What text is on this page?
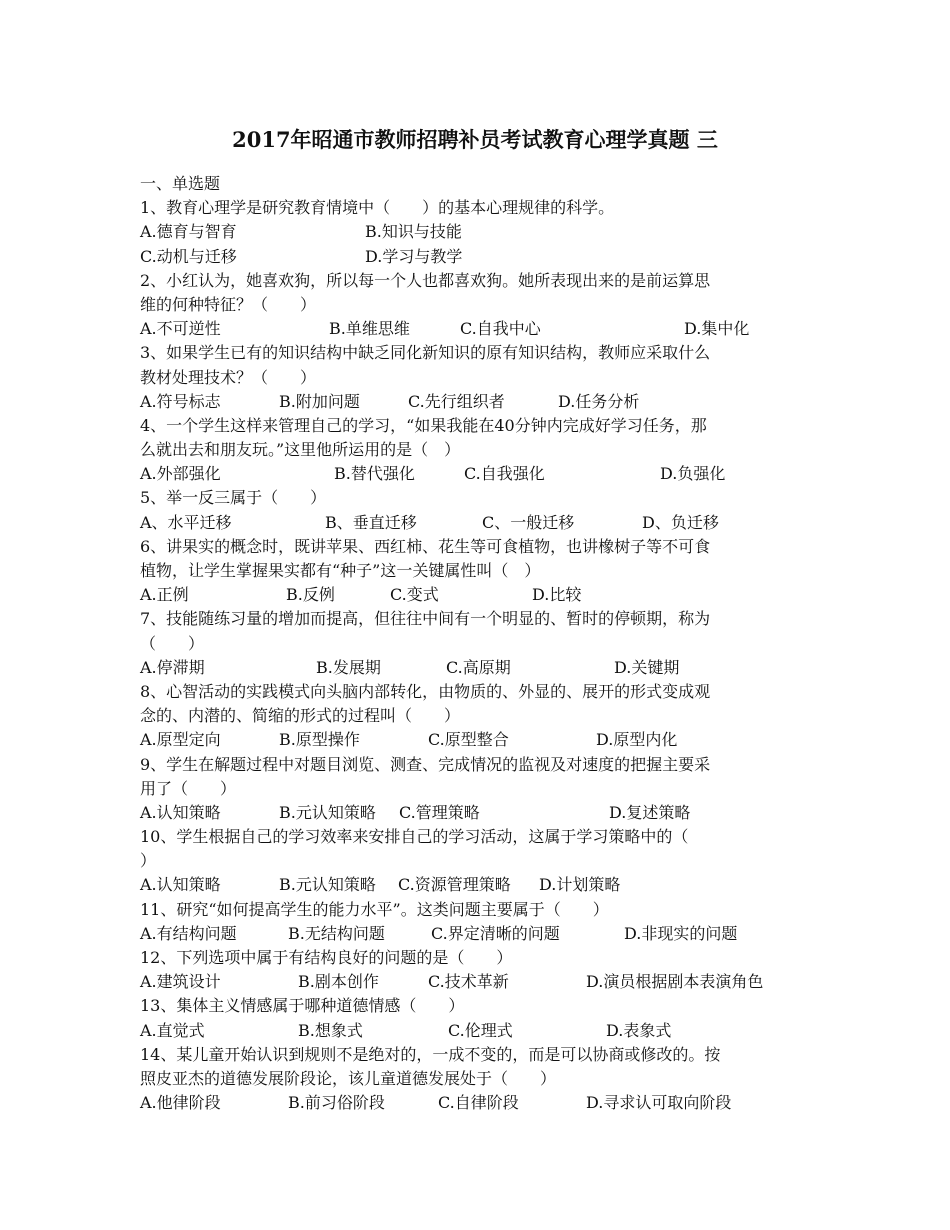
2017年昭通市教师招聘补员考试教育心理学真题 三
一、单选题
1、教育心理学是研究教育情境中（　　）的基本心理规律的科学。
A.德育与智育	B.知识与技能
C.动机与迁移	D.学习与教学
2、小红认为，她喜欢狗，所以每一个人也都喜欢狗。她所表现出来的是前运算思
维的何种特征？（　　）
A.不可逆性	B.单维思维	C.自我中心	D.集中化
3、如果学生已有的知识结构中缺乏同化新知识的原有知识结构，教师应采取什么
教材处理技术？（　　）
A.符号标志	B.附加问题	C.先行组织者	D.任务分析
4、一个学生这样来管理自己的学习，“如果我能在40分钟内完成好学习任务，那
么就出去和朋友玩。”这里他所运用的是（　）
A.外部强化	B.替代强化	C.自我强化	D.负强化
5、举一反三属于（　　）
A、水平迁移	B、垂直迁移	C、一般迁移	D、负迁移
6、讲果实的概念时，既讲苹果、西红柿、花生等可食植物，也讲橡树子等不可食
植物，让学生掌握果实都有“种子”这一关键属性叫（　）
A.正例	B.反例	C.变式	D.比较
7、技能随练习量的增加而提高，但往往中间有一个明显的、暂时的停顿期，称为
（　　）
A.停滞期	B.发展期	C.高原期	D.关键期
8、心智活动的实践模式向头脑内部转化，由物质的、外显的、展开的形式变成观
念的、内潜的、简缩的形式的过程叫（　　）
A.原型定向	B.原型操作	C.原型整合	D.原型内化
9、学生在解题过程中对题目浏览、测查、完成情况的监视及对速度的把握主要采
用了（　　）
A.认知策略	B.元认知策略 C.管理策略	D.复述策略
10、学生根据自己的学习效率来安排自己的学习活动，这属于学习策略中的（
）
A.认知策略	B.元认知策略 C.资源管理策略 D.计划策略
11、研究“如何提高学生的能力水平”。这类问题主要属于（　　）
A.有结构问题	B.无结构问题	C.界定清晰的问题	D.非现实的问题
12、下列选项中属于有结构良好的问题的是（　　）
A.建筑设计	B.剧本创作	C.技术革新	D.演员根据剧本表演角色
13、集体主义情感属于哪种道德情感（　　）
A.直觉式	B.想象式	C.伦理式	D.表象式
14、某儿童开始认识到规则不是绝对的，一成不变的，而是可以协商或修改的。按
照皮亚杰的道德发展阶段论，该儿童道德发展处于（　　）
A.他律阶段	B.前习俗阶段	C.自律阶段	D.寻求认可取向阶段
